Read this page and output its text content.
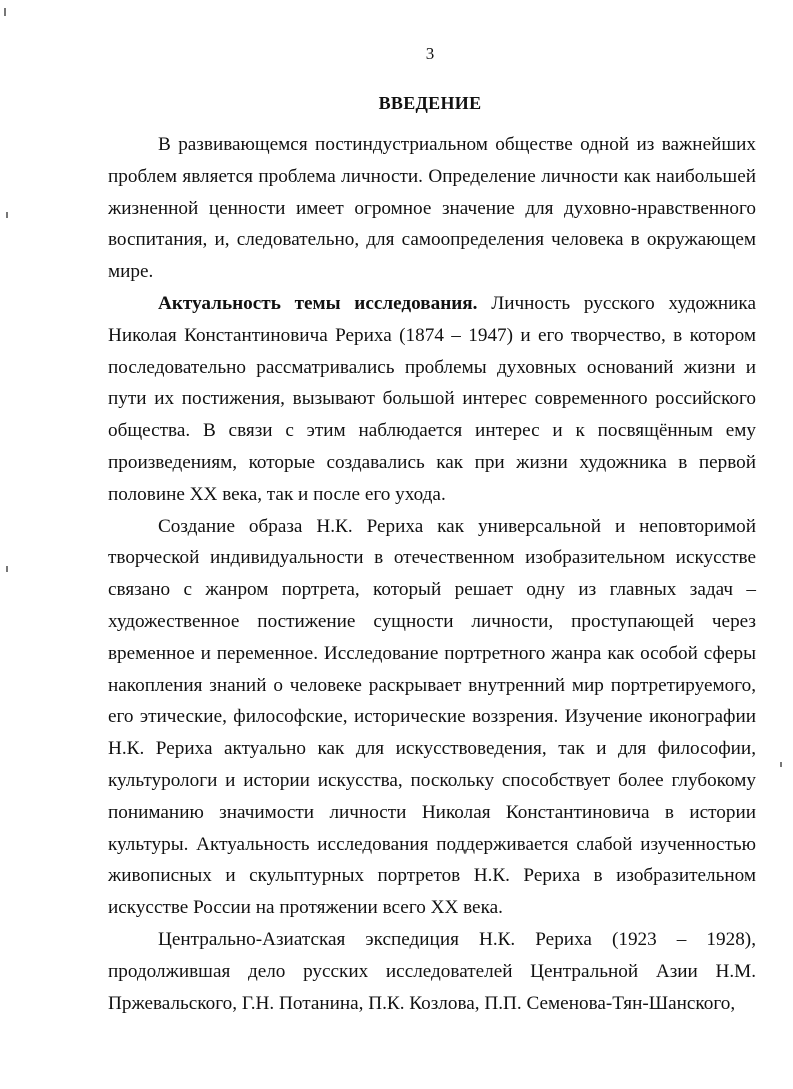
3
ВВЕДЕНИЕ

В развивающемся постиндустриальном обществе одной из важнейших проблем является проблема личности. Определение личности как наибольшей жизненной ценности имеет огромное значение для духовно-нравственного воспитания, и, следовательно, для самоопределения человека в окружающем мире.

Актуальность темы исследования. Личность русского художника Николая Константиновича Рериха (1874 – 1947) и его творчество, в котором последовательно рассматривались проблемы духовных оснований жизни и пути их постижения, вызывают большой интерес современного российского общества. В связи с этим наблюдается интерес и к посвящённым ему произведениям, которые создавались как при жизни художника в первой половине XX века, так и после его ухода.

Создание образа Н.К. Рериха как универсальной и неповторимой творческой индивидуальности в отечественном изобразительном искусстве связано с жанром портрета, который решает одну из главных задач – художественное постижение сущности личности, проступающей через временное и переменное. Исследование портретного жанра как особой сферы накопления знаний о человеке раскрывает внутренний мир портретируемого, его этические, философские, исторические воззрения. Изучение иконографии Н.К. Рериха актуально как для искусствоведения, так и для философии, культурологи и истории искусства, поскольку способствует более глубокому пониманию значимости личности Николая Константиновича в истории культуры. Актуальность исследования поддерживается слабой изученностью живописных и скульптурных портретов Н.К. Рериха в изобразительном искусстве России на протяжении всего XX века.

Центрально-Азиатская экспедиция Н.К. Рериха (1923 – 1928), продолжившая дело русских исследователей Центральной Азии Н.М. Пржевальского, Г.Н. Потанина, П.К. Козлова, П.П. Семенова-Тян-Шанского,
